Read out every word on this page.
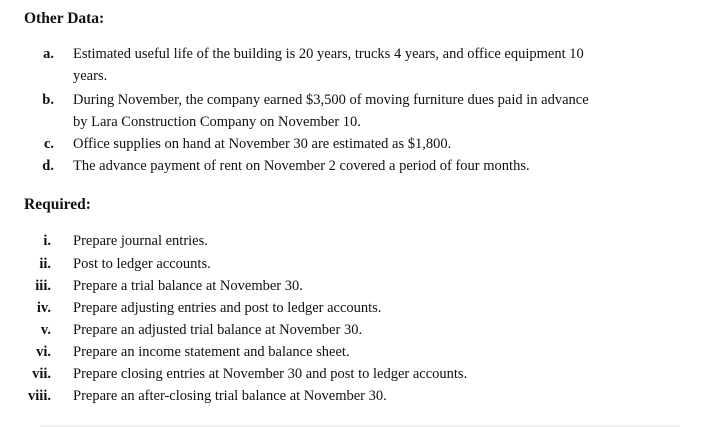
Other Data:
a. Estimated useful life of the building is 20 years, trucks 4 years, and office equipment 10
years.
b. During November, the company earned $3,500 of moving furniture dues paid in advance
by Lara Construction Company on November 10.
c. Office supplies on hand at November 30 are estimated as $1,800.
d. The advance payment of rent on November 2 covered a period of four months.
Required:
i. Prepare journal entries.
ii. Post to ledger accounts.
iii. Prepare a trial balance at November 30.
iv. Prepare adjusting entries and post to ledger accounts.
v. Prepare an adjusted trial balance at November 30.
vi. Prepare an income statement and balance sheet.
vii. Prepare closing entries at November 30 and post to ledger accounts.
viii. Prepare an after-closing trial balance at November 30.
